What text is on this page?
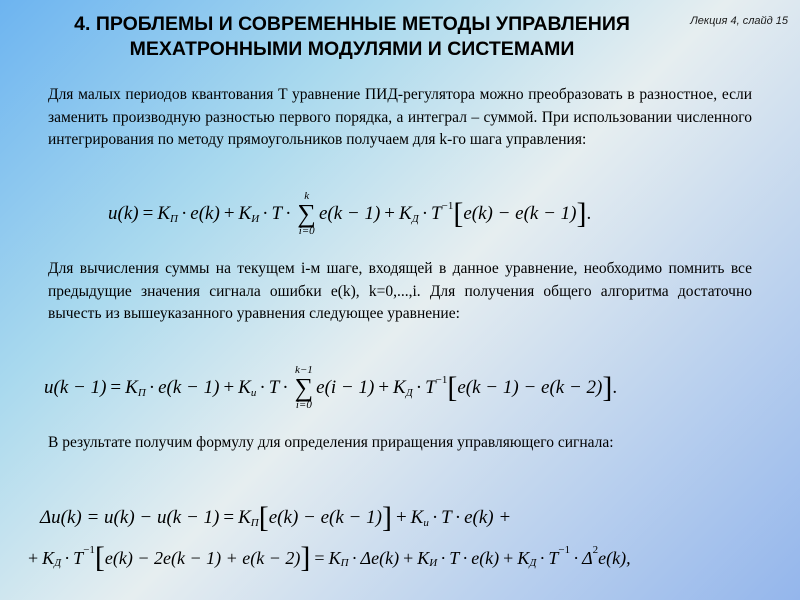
Лекция 4, слайд 15
4. ПРОБЛЕМЫ И СОВРЕМЕННЫЕ МЕТОДЫ УПРАВЛЕНИЯ
МЕХАТРОННЫМИ МОДУЛЯМИ И СИСТЕМАМИ

Для малых периодов квантования T уравнение ПИД-регулятора можно преобразовать в разностное, если заменить производную разностью первого порядка, а интеграл – суммой. При использовании численного интегрирования по методу прямоугольников получаем для k-го шага управления:

u(k) = K П · e(k) + K И · T ·
k
∑
i=0
e(k − 1) + K Д · T −1 [ e(k) − e(k − 1) ] .

Для вычисления суммы на текущем i-м шаге, входящей в данное уравнение, необходимо помнить все предыдущие значения сигнала ошибки e(k), k=0,...,i. Для получения общего алгоритма достаточно вычесть из вышеуказанного уравнения следующее уравнение:

u(k − 1) = K П · e(k − 1) + K и · T ·
k−1
∑
i=0
e(i − 1) + K Д · T −1 [ e(k − 1) − e(k − 2) ] .

В результате получим формулу для определения приращения управляющего сигнала:

Δu(k) = u(k) − u(k − 1) = K П [ e(k) − e(k − 1) ] + K и · T · e(k) +
+ K Д · T −1 [ e(k) − 2e(k − 1) + e(k − 2) ] = K П · Δe(k) + K И · T · e(k) + K Д · T −1 · Δ 2 e(k),
